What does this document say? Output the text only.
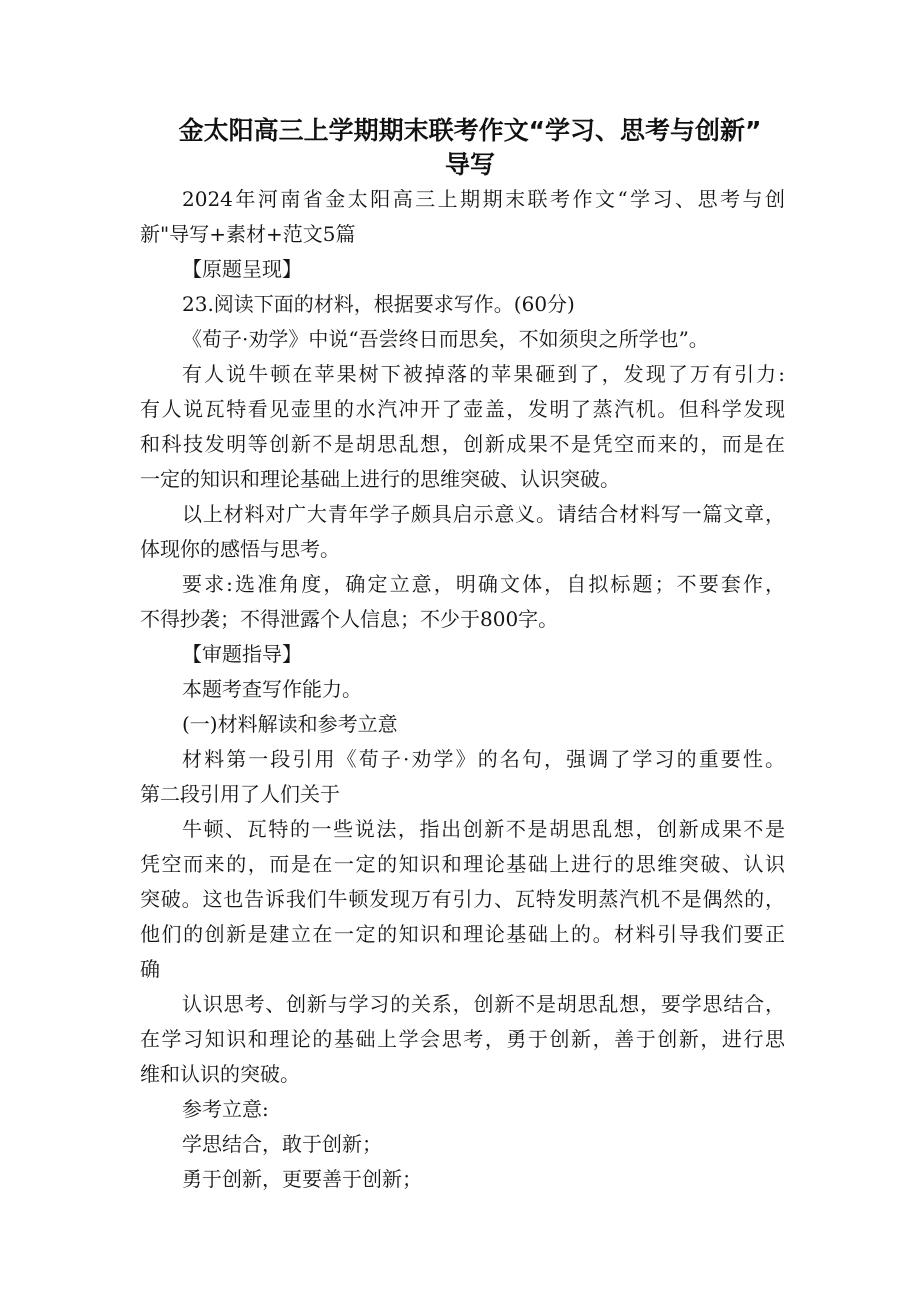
金太阳高三上学期期末联考作文“学习、思考与创新”
导写
2024年河南省金太阳高三上期期末联考作文“学习、思考与创
新"导写+素材+范文5篇
【原题呈现】
23.阅读下面的材料，根据要求写作。(60分)
《荀子·劝学》中说“吾尝终日而思矣，不如须臾之所学也”。
有人说牛顿在苹果树下被掉落的苹果砸到了，发现了万有引力:
有人说瓦特看见壶里的水汽冲开了壶盖，发明了蒸汽机。但科学发现
和科技发明等创新不是胡思乱想，创新成果不是凭空而来的，而是在
一定的知识和理论基础上进行的思维突破、认识突破。
以上材料对广大青年学子颇具启示意义。请结合材料写一篇文章，
体现你的感悟与思考。
要求:选准角度，确定立意，明确文体，自拟标题；不要套作，
不得抄袭；不得泄露个人信息；不少于800字。
【审题指导】
本题考查写作能力。
(一)材料解读和参考立意
材料第一段引用《荀子·劝学》的名句，强调了学习的重要性。
第二段引用了人们关于
牛顿、瓦特的一些说法，指出创新不是胡思乱想，创新成果不是
凭空而来的，而是在一定的知识和理论基础上进行的思维突破、认识
突破。这也告诉我们牛顿发现万有引力、瓦特发明蒸汽机不是偶然的，
他们的创新是建立在一定的知识和理论基础上的。材料引导我们要正
确
认识思考、创新与学习的关系，创新不是胡思乱想，要学思结合，
在学习知识和理论的基础上学会思考，勇于创新，善于创新，进行思
维和认识的突破。
参考立意:
学思结合，敢于创新；
勇于创新，更要善于创新；
